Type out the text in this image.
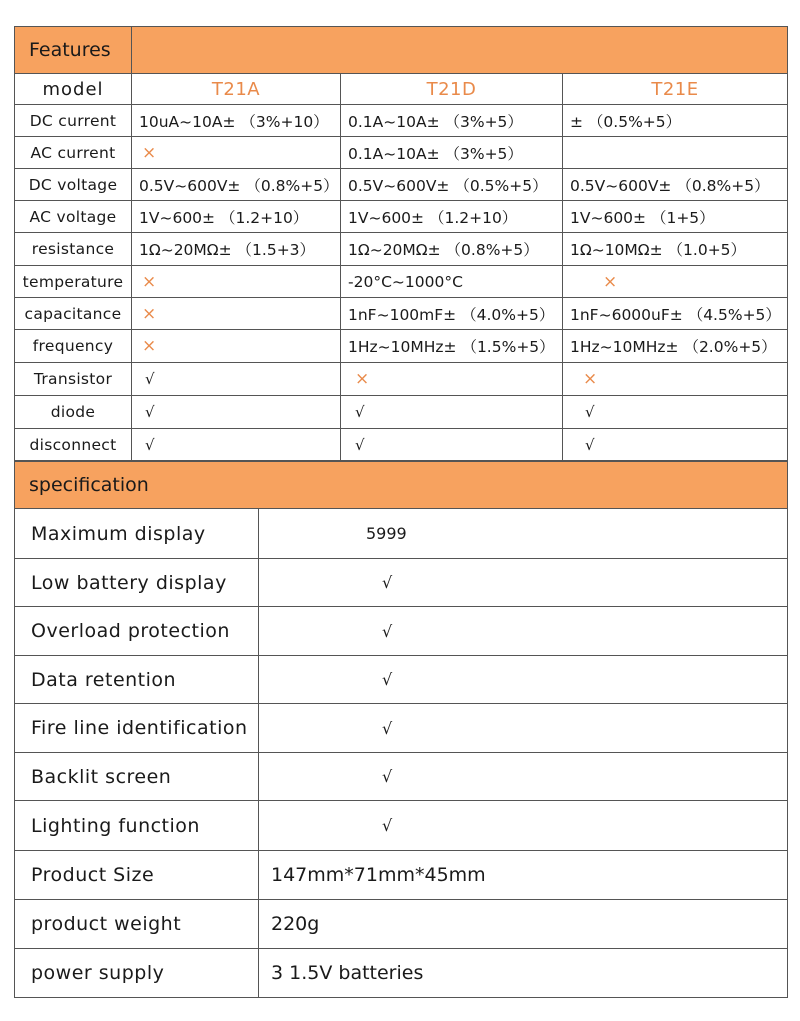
Features			
model	T21A	T21D	T21E
DC current	10uA~10A± （3%+10）	0.1A~10A± （3%+5）	± （0.5%+5）
AC current	×	0.1A~10A± （3%+5）	
DC voltage	0.5V~600V± （0.8%+5）	0.5V~600V± （0.5%+5）	0.5V~600V± （0.8%+5）
AC voltage	1V~600± （1.2+10）	1V~600± （1.2+10）	1V~600± （1+5）
resistance	1Ω~20MΩ± （1.5+3）	1Ω~20MΩ± （0.8%+5）	1Ω~10MΩ± （1.0+5）
temperature	×	-20°C~1000°C	×
capacitance	×	1nF~100mF± （4.0%+5）	1nF~6000uF± （4.5%+5）
frequency	×	1Hz~10MHz± （1.5%+5）	1Hz~10MHz± （2.0%+5）
Transistor	√	×	×
diode	√	√	√
disconnect	√	√	√
specification	
Maximum display	5999
Low battery display	√
Overload protection	√
Data retention	√
Fire line identification	√
Backlit screen	√
Lighting function	√
Product Size	147mm*71mm*45mm
product weight	220g
power supply	3 1.5V batteries
